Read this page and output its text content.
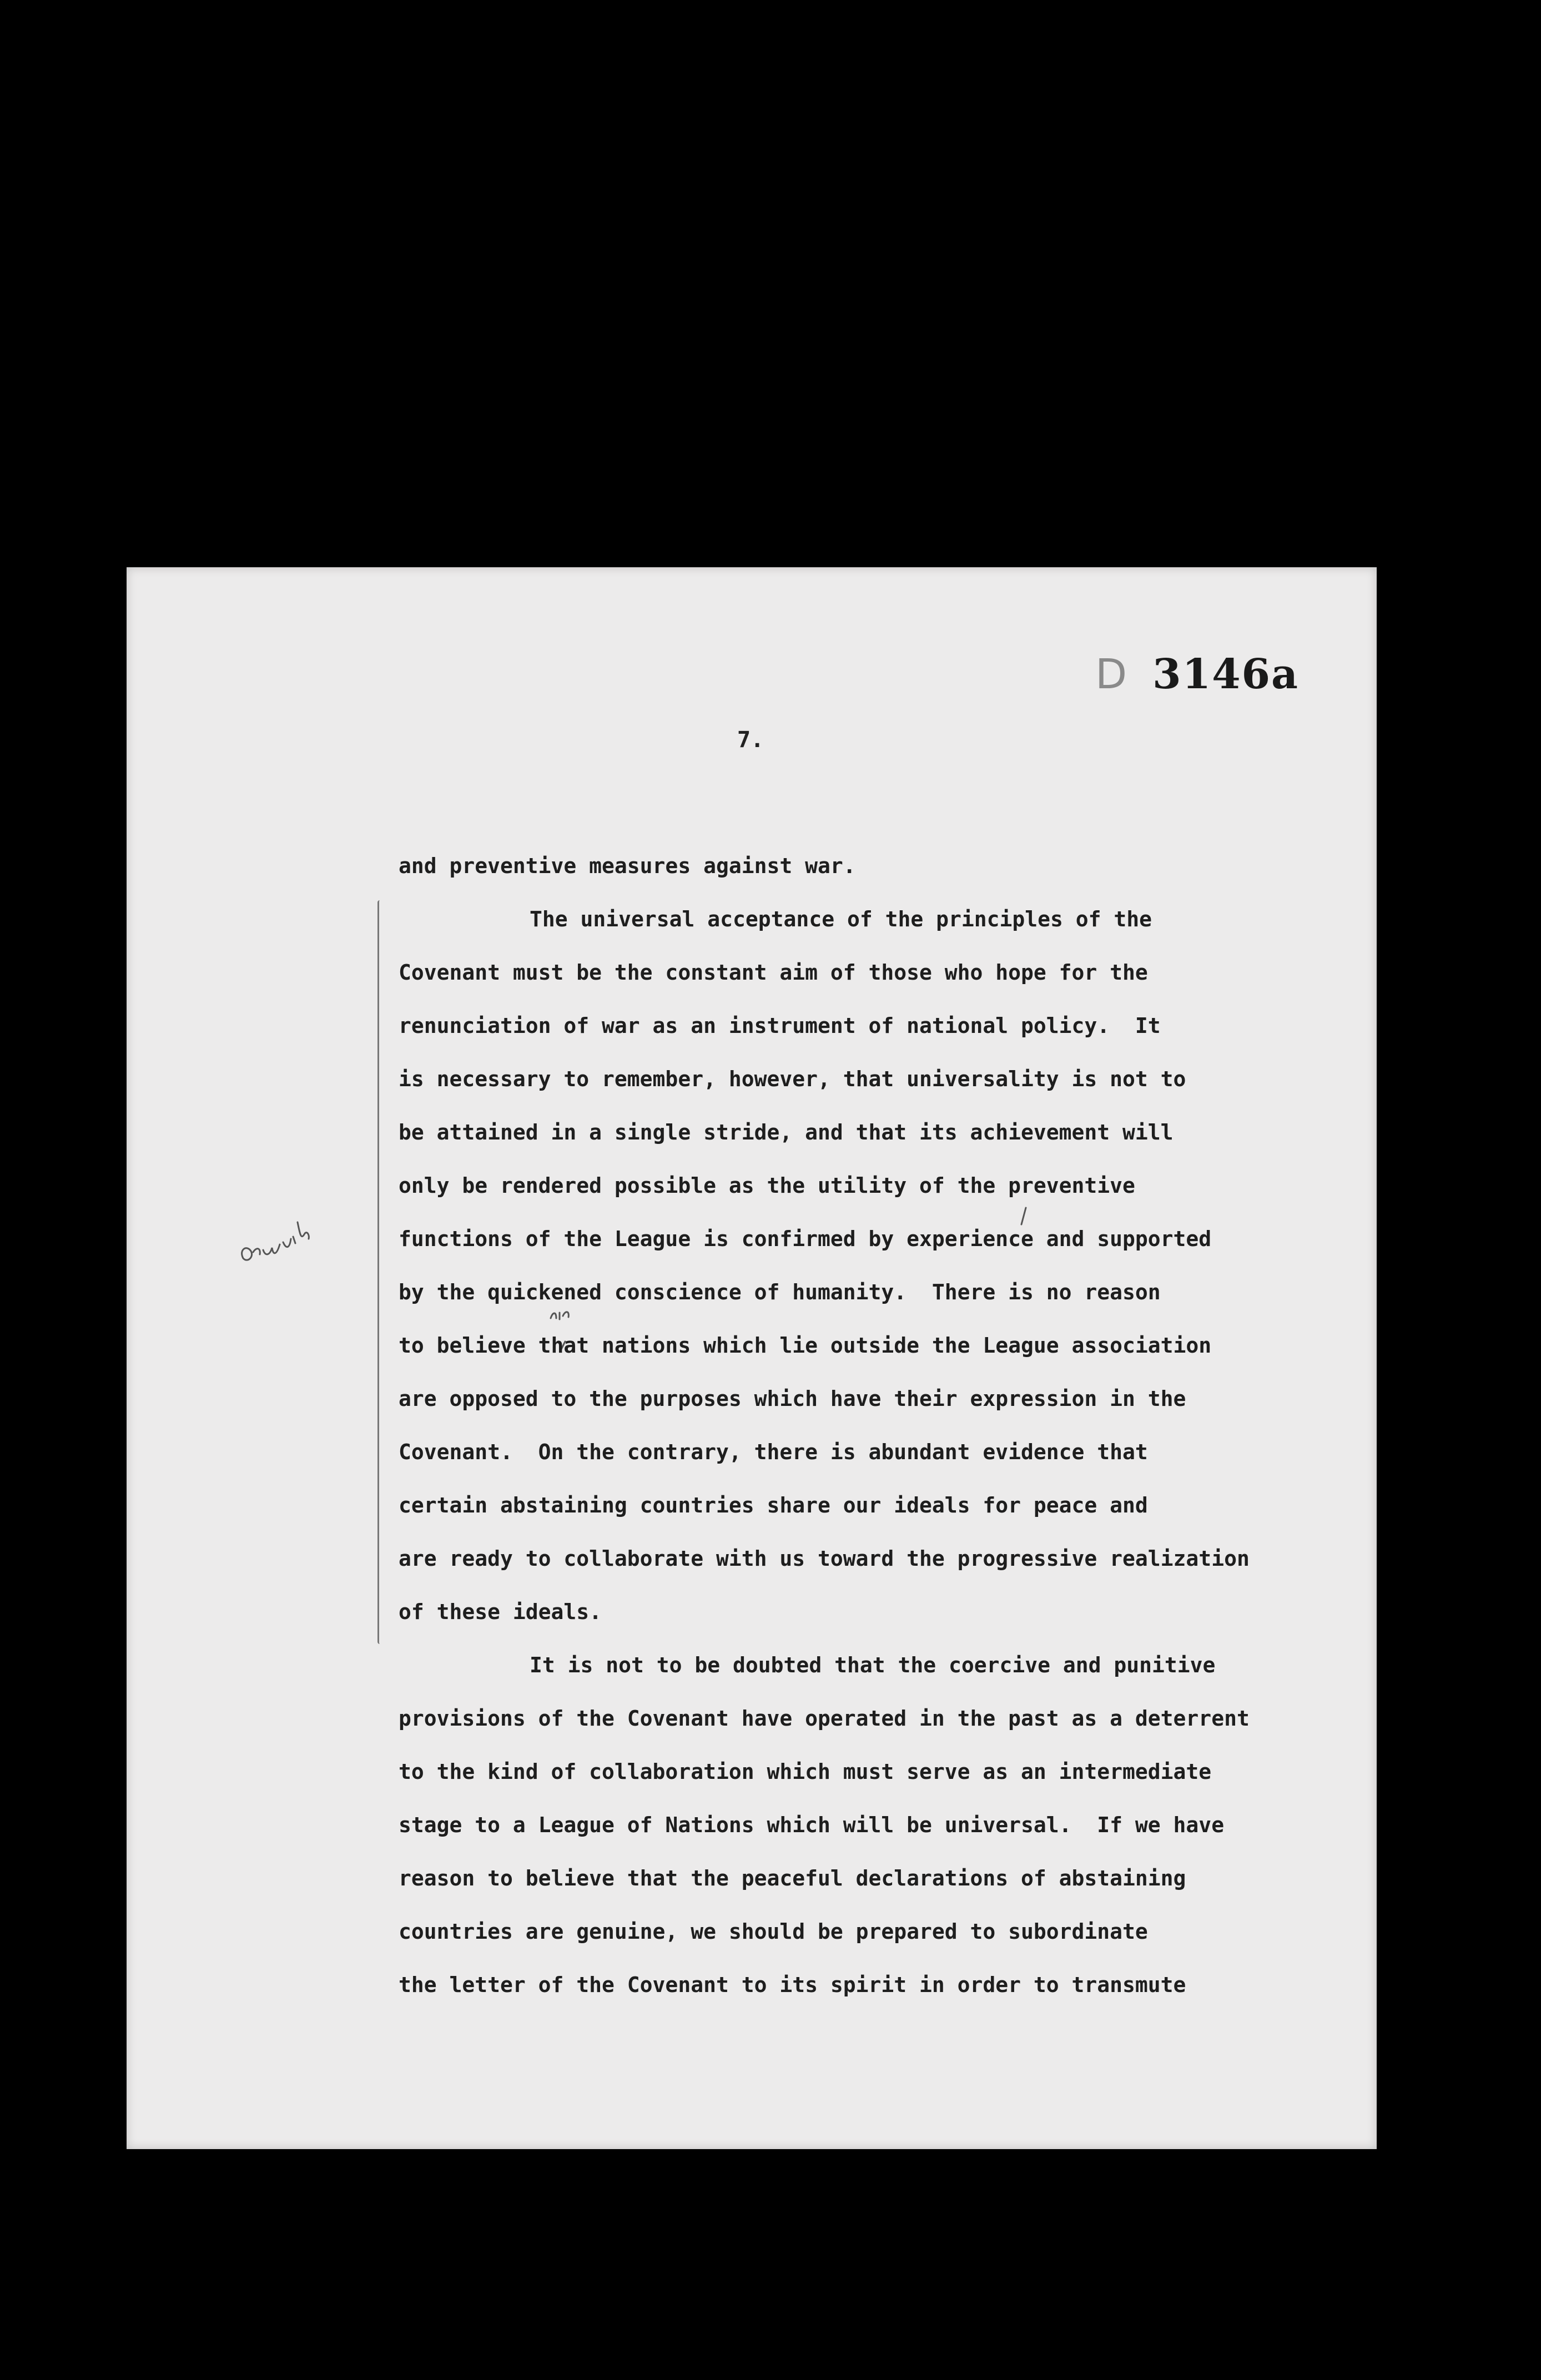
D 3146a
7.
and preventive measures against war.
The universal acceptance of the principles of the
Covenant must be the constant aim of those who hope for the
renunciation of war as an instrument of national policy.  It
is necessary to remember, however, that universality is not to
be attained in a single stride, and that its achievement will
only be rendered possible as the utility of the preventive
functions of the League is confirmed by experience and supported
by the quickened conscience of humanity.  There is no reason
to believe that nations which lie outside the League association
are opposed to the purposes which have their expression in the
Covenant.  On the contrary, there is abundant evidence that
certain abstaining countries share our ideals for peace and
are ready to collaborate with us toward the progressive realization
of these ideals.
It is not to be doubted that the coercive and punitive
provisions of the Covenant have operated in the past as a deterrent
to the kind of collaboration which must serve as an intermediate
stage to a League of Nations which will be universal.  If we have
reason to believe that the peaceful declarations of abstaining
countries are genuine, we should be prepared to subordinate
the letter of the Covenant to its spirit in order to transmute
